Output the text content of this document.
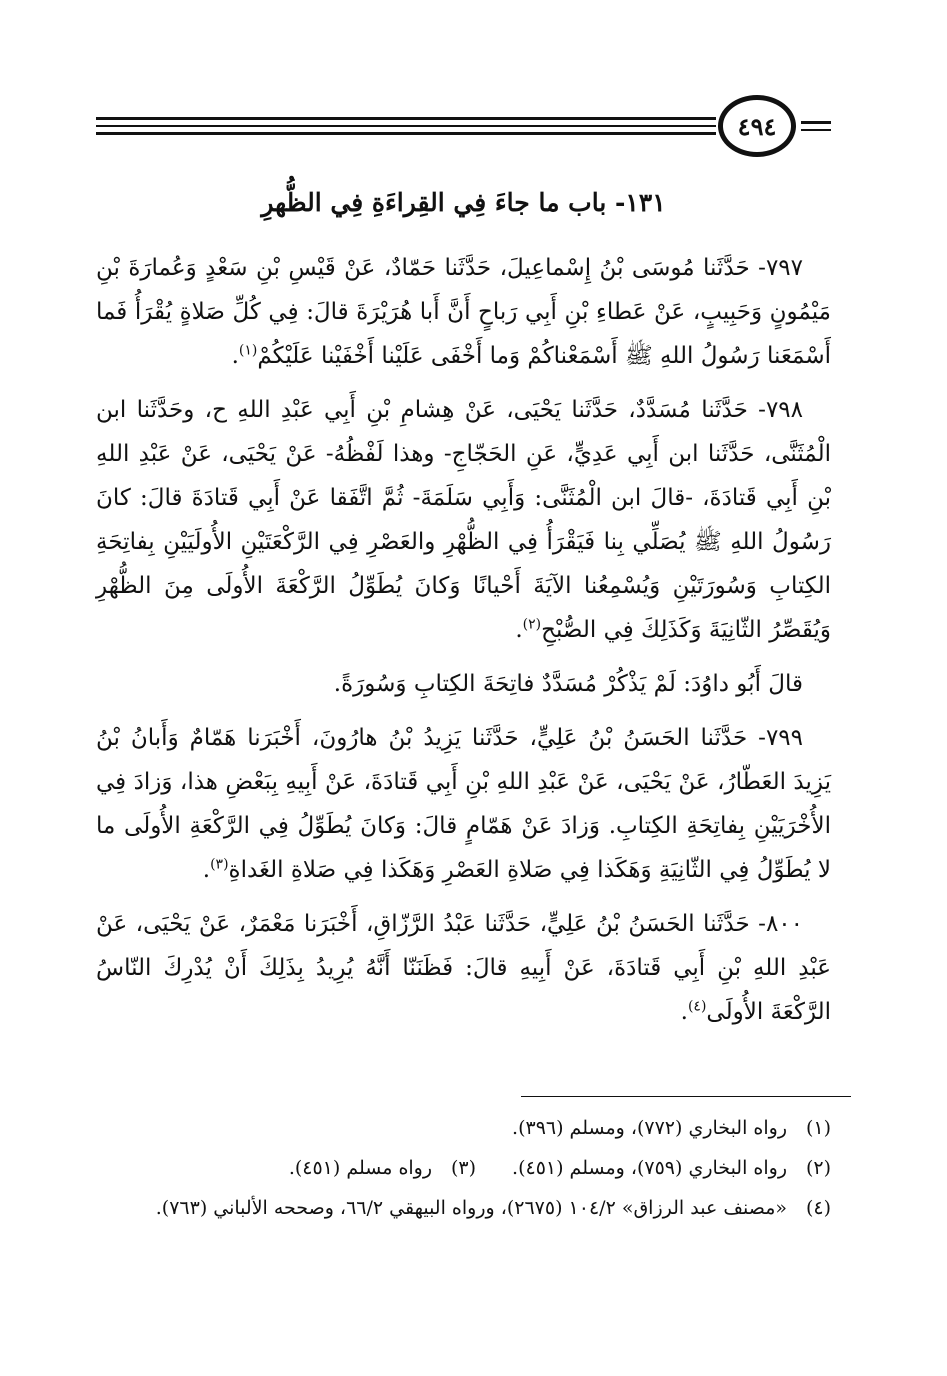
٤٩٤
١٣١- باب ما جاءَ فِي القِراءَةِ فِي الظُّهرِ

٧٩٧- حَدَّثَنا مُوسَى بْنُ إِسْماعِيلَ، حَدَّثَنا حَمّادٌ، عَنْ قَيْسِ بْنِ سَعْدٍ وَعُمارَةَ بْنِ مَيْمُونٍ وَحَبِيبٍ، عَنْ عَطاءِ بْنِ أَبِي رَباحٍ أَنَّ أَبا هُرَيْرَةَ قالَ: فِي كُلِّ صَلاةٍ يُقْرَأُ فَما أَسْمَعَنا رَسُولُ اللهِ ﷺ أَسْمَعْناكُمْ وَما أَخْفَى عَلَيْنا أَخْفَيْنا عَلَيْكُمْ$^{(١)}$.

٧٩٨- حَدَّثَنا مُسَدَّدٌ، حَدَّثَنا يَحْيَى، عَنْ هِشامِ بْنِ أَبِي عَبْدِ اللهِ ح، وحَدَّثَنا ابن الْمُثَنَّى، حَدَّثَنا ابن أَبِي عَدِيٍّ، عَنِ الحَجّاجِ- وهذا لَفْظُهُ- عَنْ يَحْيَى، عَنْ عَبْدِ اللهِ بْنِ أَبِي قَتادَةَ، -قالَ ابن الْمُثَنَّى: وَأَبِي سَلَمَةَ- ثُمَّ اتَّفَقا عَنْ أَبِي قَتادَةَ قالَ: كانَ رَسُولُ اللهِ ﷺ يُصَلِّي بِنا فَيَقْرَأُ فِي الظُّهْرِ والعَصْرِ فِي الرَّكْعَتَيْنِ الأُولَيَيْنِ بِفاتِحَةِ الكِتابِ وَسُورَتَيْنِ وَيُسْمِعُنا الآيَةَ أَحْيانًا وَكانَ يُطَوِّلُ الرَّكْعَةَ الأُولَى مِنَ الظُّهْرِ وَيُقَصِّرُ الثّانِيَةَ وَكَذَلِكَ فِي الصُّبْحِ$^{(٢)}$.

قالَ أَبُو داوُدَ: لَمْ يَذْكُرْ مُسَدَّدٌ فاتِحَةَ الكِتابِ وَسُورَةً.

٧٩٩- حَدَّثَنا الحَسَنُ بْنُ عَلِيٍّ، حَدَّثَنا يَزِيدُ بْنُ هارُونَ، أَخْبَرَنا هَمّامٌ وَأَبانُ بْنُ يَزِيدَ العَطّارُ، عَنْ يَحْيَى، عَنْ عَبْدِ اللهِ بْنِ أَبِي قَتادَةَ، عَنْ أَبِيهِ بِبَعْضِ هذا، وَزادَ فِي الأُخْرَيَيْنِ بِفاتِحَةِ الكِتابِ. وَزادَ عَنْ هَمّامٍ قالَ: وَكانَ يُطَوِّلُ فِي الرَّكْعَةِ الأُولَى ما لا يُطَوِّلُ فِي الثّانِيَةِ وَهَكَذا فِي صَلاةِ العَصْرِ وَهَكَذا فِي صَلاةِ الغَداةِ$^{(٣)}$.

٨٠٠- حَدَّثَنا الحَسَنُ بْنُ عَلِيٍّ، حَدَّثَنا عَبْدُ الرَّزّاقِ، أَخْبَرَنا مَعْمَرٌ، عَنْ يَحْيَى، عَنْ عَبْدِ اللهِ بْنِ أَبِي قَتادَةَ، عَنْ أَبِيهِ قالَ: فَظَنَنّا أَنَّهُ يُرِيدُ بِذَلِكَ أَنْ يُدْرِكَ النّاسُ الرَّكْعَةَ الأُولَى$^{(٤)}$.

(١)رواه البخاري (٧٧٢)، ومسلم (٣٩٦).

(٢)رواه البخاري (٧٥٩)، ومسلم (٤٥١).(٣)رواه مسلم (٤٥١).

(٤)«مصنف عبد الرزاق» ١٠٤/٢ (٢٦٧٥)، ورواه البيهقي ٦٦/٢، وصححه الألباني (٧٦٣).
